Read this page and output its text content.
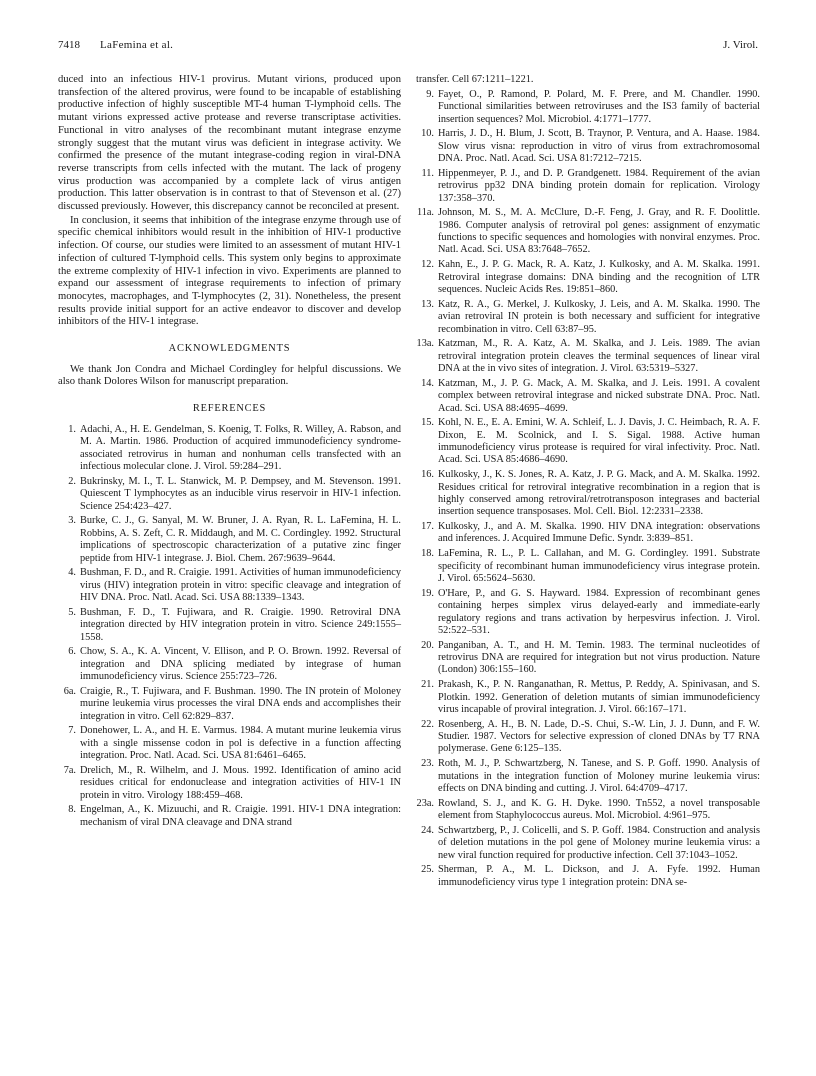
7418 LaFemina et al.	J. Virol.

duced into an infectious HIV-1 provirus. Mutant virions, produced upon transfection of the altered provirus, were found to be incapable of establishing productive infection of highly susceptible MT-4 human T-lymphoid cells. The mutant virions expressed active protease and reverse transcriptase activities. Functional in vitro analyses of the recombinant mutant integrase enzyme strongly suggest that the mutant virus was deficient in integrase activity. We confirmed the presence of the mutant integrase-coding region in viral-DNA reverse transcripts from cells infected with the mutant. The lack of progeny virus production was accompanied by a complete lack of virus antigen production. This latter observation is in contrast to that of Stevenson et al. (27) discussed previously. However, this discrepancy cannot be reconciled at present.

In conclusion, it seems that inhibition of the integrase enzyme through use of specific chemical inhibitors would result in the inhibition of HIV-1 productive infection. Of course, our studies were limited to an assessment of mutant HIV-1 infection of cultured T-lymphoid cells. This system only begins to approximate the extreme complexity of HIV-1 infection in vivo. Experiments are planned to expand our assessment of integrase requirements to infection of primary monocytes, macrophages, and T-lymphocytes (2, 31). Nonetheless, the present results provide initial support for an active endeavor to discover and develop inhibitors of the HIV-1 integrase.

ACKNOWLEDGMENTS

We thank Jon Condra and Michael Cordingley for helpful discussions. We also thank Dolores Wilson for manuscript preparation.

REFERENCES
1. Adachi, A., H. E. Gendelman, S. Koenig, T. Folks, R. Willey, A. Rabson, and M. A. Martin. 1986. Production of acquired immunodeficiency syndrome-associated retrovirus in human and nonhuman cells transfected with an infectious molecular clone. J. Virol. 59:284–291.
2. Bukrinsky, M. I., T. L. Stanwick, M. P. Dempsey, and M. Stevenson. 1991. Quiescent T lymphocytes as an inducible virus reservoir in HIV-1 infection. Science 254:423–427.
3. Burke, C. J., G. Sanyal, M. W. Bruner, J. A. Ryan, R. L. LaFemina, H. L. Robbins, A. S. Zeft, C. R. Middaugh, and M. C. Cordingley. 1992. Structural implications of spectroscopic characterization of a putative zinc finger peptide from HIV-1 integrase. J. Biol. Chem. 267:9639–9644.
4. Bushman, F. D., and R. Craigie. 1991. Activities of human immunodeficiency virus (HIV) integration protein in vitro: specific cleavage and integration of HIV DNA. Proc. Natl. Acad. Sci. USA 88:1339–1343.
5. Bushman, F. D., T. Fujiwara, and R. Craigie. 1990. Retroviral DNA integration directed by HIV integration protein in vitro. Science 249:1555–1558.
6. Chow, S. A., K. A. Vincent, V. Ellison, and P. O. Brown. 1992. Reversal of integration and DNA splicing mediated by integrase of human immunodeficiency virus. Science 255:723–726.
6a. Craigie, R., T. Fujiwara, and F. Bushman. 1990. The IN protein of Moloney murine leukemia virus processes the viral DNA ends and accomplishes their integration in vitro. Cell 62:829–837.
7. Donehower, L. A., and H. E. Varmus. 1984. A mutant murine leukemia virus with a single missense codon in pol is defective in a function affecting integration. Proc. Natl. Acad. Sci. USA 81:6461–6465.
7a. Drelich, M., R. Wilhelm, and J. Mous. 1992. Identification of amino acid residues critical for endonuclease and integration activities of HIV-1 IN protein in vitro. Virology 188:459–468.
8. Engelman, A., K. Mizuuchi, and R. Craigie. 1991. HIV-1 DNA integration: mechanism of viral DNA cleavage and DNA strand
transfer. Cell 67:1211–1221.
9. Fayet, O., P. Ramond, P. Polard, M. F. Prere, and M. Chandler. 1990. Functional similarities between retroviruses and the IS3 family of bacterial insertion sequences? Mol. Microbiol. 4:1771–1777.
10. Harris, J. D., H. Blum, J. Scott, B. Traynor, P. Ventura, and A. Haase. 1984. Slow virus visna: reproduction in vitro of virus from extrachromosomal DNA. Proc. Natl. Acad. Sci. USA 81:7212–7215.
11. Hippenmeyer, P. J., and D. P. Grandgenett. 1984. Requirement of the avian retrovirus pp32 DNA binding protein domain for replication. Virology 137:358–370.
11a. Johnson, M. S., M. A. McClure, D.-F. Feng, J. Gray, and R. F. Doolittle. 1986. Computer analysis of retroviral pol genes: assignment of enzymatic functions to specific sequences and homologies with nonviral enzymes. Proc. Natl. Acad. Sci. USA 83:7648–7652.
12. Kahn, E., J. P. G. Mack, R. A. Katz, J. Kulkosky, and A. M. Skalka. 1991. Retroviral integrase domains: DNA binding and the recognition of LTR sequences. Nucleic Acids Res. 19:851–860.
13. Katz, R. A., G. Merkel, J. Kulkosky, J. Leis, and A. M. Skalka. 1990. The avian retroviral IN protein is both necessary and sufficient for integrative recombination in vitro. Cell 63:87–95.
13a. Katzman, M., R. A. Katz, A. M. Skalka, and J. Leis. 1989. The avian retroviral integration protein cleaves the terminal sequences of linear viral DNA at the in vivo sites of integration. J. Virol. 63:5319–5327.
14. Katzman, M., J. P. G. Mack, A. M. Skalka, and J. Leis. 1991. A covalent complex between retroviral integrase and nicked substrate DNA. Proc. Natl. Acad. Sci. USA 88:4695–4699.
15. Kohl, N. E., E. A. Emini, W. A. Schleif, L. J. Davis, J. C. Heimbach, R. A. F. Dixon, E. M. Scolnick, and I. S. Sigal. 1988. Active human immunodeficiency virus protease is required for viral infectivity. Proc. Natl. Acad. Sci. USA 85:4686–4690.
16. Kulkosky, J., K. S. Jones, R. A. Katz, J. P. G. Mack, and A. M. Skalka. 1992. Residues critical for retroviral integrative recombination in a region that is highly conserved among retroviral/retrotransposon integrases and bacterial insertion sequence transposases. Mol. Cell. Biol. 12:2331–2338.
17. Kulkosky, J., and A. M. Skalka. 1990. HIV DNA integration: observations and inferences. J. Acquired Immune Defic. Syndr. 3:839–851.
18. LaFemina, R. L., P. L. Callahan, and M. G. Cordingley. 1991. Substrate specificity of recombinant human immunodeficiency virus integrase protein. J. Virol. 65:5624–5630.
19. O'Hare, P., and G. S. Hayward. 1984. Expression of recombinant genes containing herpes simplex virus delayed-early and immediate-early regulatory regions and trans activation by herpesvirus infection. J. Virol. 52:522–531.
20. Panganiban, A. T., and H. M. Temin. 1983. The terminal nucleotides of retrovirus DNA are required for integration but not virus production. Nature (London) 306:155–160.
21. Prakash, K., P. N. Ranganathan, R. Mettus, P. Reddy, A. Spinivasan, and S. Plotkin. 1992. Generation of deletion mutants of simian immunodeficiency virus incapable of proviral integration. J. Virol. 66:167–171.
22. Rosenberg, A. H., B. N. Lade, D.-S. Chui, S.-W. Lin, J. J. Dunn, and F. W. Studier. 1987. Vectors for selective expression of cloned DNAs by T7 RNA polymerase. Gene 6:125–135.
23. Roth, M. J., P. Schwartzberg, N. Tanese, and S. P. Goff. 1990. Analysis of mutations in the integration function of Moloney murine leukemia virus: effects on DNA binding and cutting. J. Virol. 64:4709–4717.
23a. Rowland, S. J., and K. G. H. Dyke. 1990. Tn552, a novel transposable element from Staphylococcus aureus. Mol. Microbiol. 4:961–975.
24. Schwartzberg, P., J. Colicelli, and S. P. Goff. 1984. Construction and analysis of deletion mutations in the pol gene of Moloney murine leukemia virus: a new viral function required for productive infection. Cell 37:1043–1052.
25. Sherman, P. A., M. L. Dickson, and J. A. Fyfe. 1992. Human immunodeficiency virus type 1 integration protein: DNA se-
